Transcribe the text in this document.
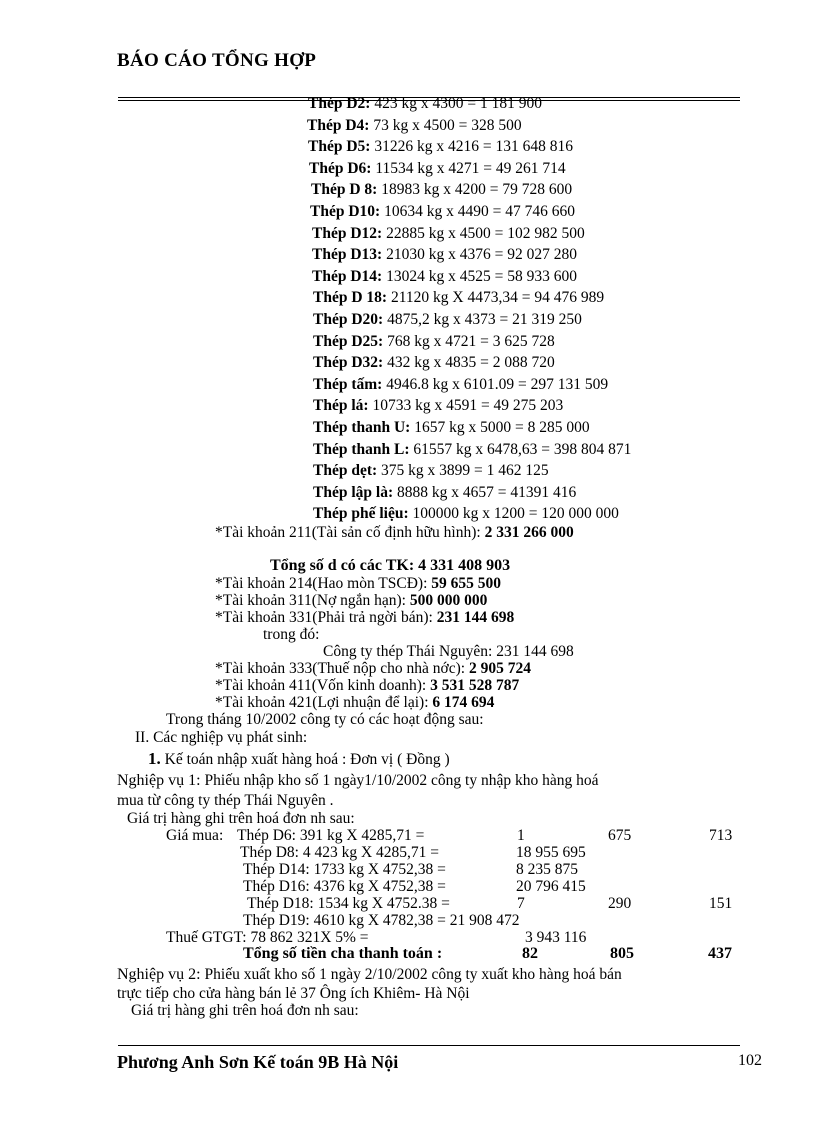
BÁO CÁO TỔNG HỢP
Thép D2: 423 kg x 4300 = 1 181 900
Thép D4: 73 kg x 4500 = 328 500
Thép D5: 31226 kg x 4216 = 131 648 816
Thép D6: 11534 kg x 4271 = 49 261 714
Thép D 8: 18983 kg x 4200 = 79 728 600
Thép D10: 10634 kg x 4490 = 47 746 660
Thép D12: 22885 kg x 4500 = 102 982 500
Thép D13: 21030 kg x 4376 = 92 027 280
Thép D14: 13024 kg x 4525 = 58 933 600
Thép D 18: 21120 kg X 4473,34 = 94 476 989
Thép D20: 4875,2 kg x 4373 = 21 319 250
Thép D25: 768 kg x 4721 = 3 625 728
Thép D32: 432 kg x 4835 = 2 088 720
Thép tấm: 4946.8 kg x 6101.09 = 297 131 509
Thép lá: 10733 kg x 4591 = 49 275 203
Thép thanh U: 1657 kg x 5000 = 8 285 000
Thép thanh L: 61557 kg x 6478,63 = 398 804 871
Thép dẹt: 375 kg x 3899 = 1 462 125
Thép lập là: 8888 kg x 4657 = 41391 416
Thép phế liệu: 100000 kg x 1200 = 120 000 000
*Tài khoản 211(Tài sản cố định hữu hình): 2 331 266 000
Tổng số d có các TK: 4 331 408 903
*Tài khoản 214(Hao mòn TSCĐ): 59 655 500
*Tài khoản 311(Nợ ngắn hạn): 500 000 000
*Tài khoản 331(Phải trả ngời bán): 231 144 698
trong đó:
Công ty thép Thái Nguyên: 231 144 698
*Tài khoản 333(Thuế nộp cho nhà nớc): 2 905 724
*Tài khoản 411(Vốn kinh doanh): 3 531 528 787
*Tài khoản 421(Lợi nhuận để lại): 6 174 694
Trong tháng 10/2002 công ty có các hoạt động sau:
II. Các nghiệp vụ phát sinh:
1. Kế toán nhập xuất hàng hoá : Đơn vị ( Đồng )
Nghiệp vụ 1: Phiếu nhập kho số 1 ngày1/10/2002 công ty nhập kho hàng hoá
mua từ công ty thép Thái Nguyên .
Giá trị hàng ghi trên hoá đơn nh sau:
Giá mua: Thép D6: 391 kg X 4285,71 =	1	675	713
Thép D8: 4 423 kg X 4285,71 =	18 955 695
Thép D14: 1733 kg X 4752,38 =	8 235 875
Thép D16: 4376 kg X 4752,38 =	20 796 415
Thép D18: 1534 kg X 4752.38 =	7	290	151
Thép D19: 4610 kg X 4782,38 = 21 908 472
Thuế GTGT: 78 862 321X 5% =	3 943 116
Tổng số tiền cha thanh toán :	82	805	437
Nghiệp vụ 2: Phiếu xuất kho số 1 ngày 2/10/2002 công ty xuất kho hàng hoá bán
trực tiếp cho cửa hàng bán lẻ 37 Ông ích Khiêm- Hà Nội
Giá trị hàng ghi trên hoá đơn nh sau:
Phương Anh Sơn Kế toán 9B Hà Nội	102
